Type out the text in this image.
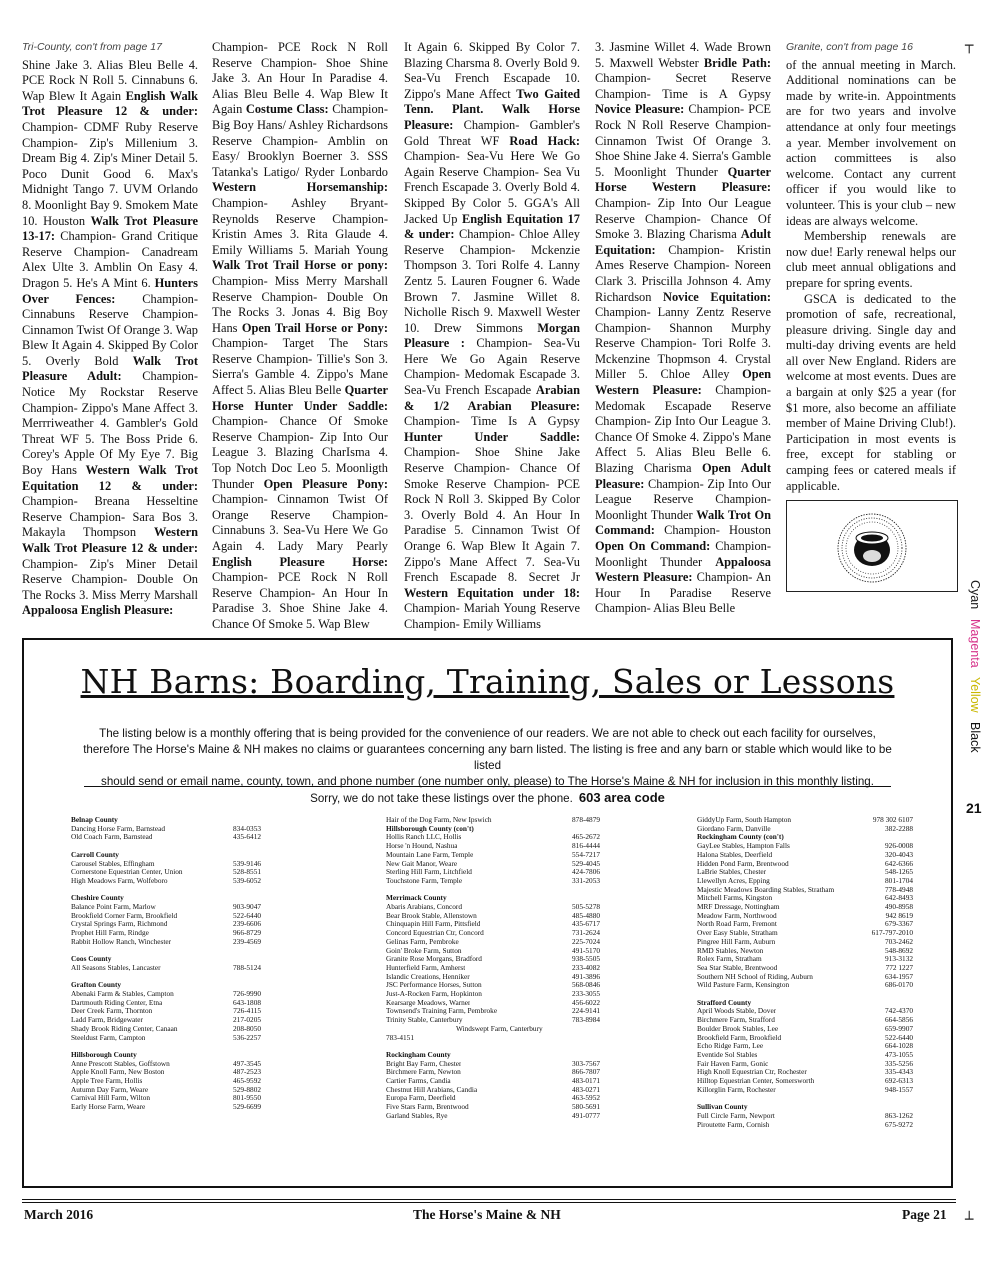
Tri-County, con't from page 17

Shine Jake 3. Alias Bleu Belle 4. PCE Rock N Roll 5. Cinnabuns 6. Wap Blew It Again English Walk Trot Pleasure 12 & under: Champion- CDMF Ruby Reserve Champion- Zip's Millenium 3. Dream Big 4. Zip's Miner Detail 5. Poco Dunit Good 6. Max's Midnight Tango 7. UVM Orlando 8. Moonlight Bay 9. Smokem Mate 10. Houston Walk Trot Pleasure 13-17: Champion- Grand Critique Reserve Champion- Canadream Alex Ulte 3. Amblin On Easy 4. Dragon 5. He's A Mint 6. Hunters Over Fences: Champion- Cinnabuns Reserve Champion- Cinnamon Twist Of Orange 3. Wap Blew It Again 4. Skipped By Color 5. Overly Bold Walk Trot Pleasure Adult: Champion- Notice My Rockstar Reserve Champion- Zippo's Mane Affect 3. Merrriweather 4. Gambler's Gold Threat WF 5. The Boss Pride 6. Corey's Apple Of My Eye 7. Big Boy Hans Western Walk Trot Equitation 12 & under: Champion- Breana Hesseltine Reserve Champion- Sara Bos 3. Makayla Thompson Western Walk Trot Pleasure 12 & under: Champion- Zip's Miner Detail Reserve Champion- Double On The Rocks 3. Miss Merry Marshall Appaloosa English Pleasure:

Champion- PCE Rock N Roll Reserve Champion- Shoe Shine Jake 3. An Hour In Paradise 4. Alias Bleu Belle 4. Wap Blew It Again Costume Class: Champion- Big Boy Hans/ Ashley Richardsons Reserve Champion- Amblin on Easy/ Brooklyn Boerner 3. SSS Tatanka's Latigo/ Ryder Lonbardo Western Horsemanship: Champion- Ashley Bryant-Reynolds Reserve Champion- Kristin Ames 3. Rita Glaude 4. Emily Williams 5. Mariah Young Walk Trot Trail Horse or pony: Champion- Miss Merry Marshall Reserve Champion- Double On The Rocks 3. Jonas 4. Big Boy Hans Open Trail Horse or Pony: Champion- Target The Stars Reserve Champion- Tillie's Son 3. Sierra's Gamble 4. Zippo's Mane Affect 5. Alias Bleu Belle Quarter Horse Hunter Under Saddle: Champion- Chance Of Smoke Reserve Champion- Zip Into Our League 3. Blazing CharIsma 4. Top Notch Doc Leo 5. Moonligth Thunder Open Pleasure Pony: Champion- Cinnamon Twist Of Orange Reserve Champion- Cinnabuns 3. Sea-Vu Here We Go Again 4. Lady Mary Pearly English Pleasure Horse: Champion- PCE Rock N Roll Reserve Champion- An Hour In Paradise 3. Shoe Shine Jake 4. Chance Of Smoke 5. Wap Blew

It Again 6. Skipped By Color 7. Blazing Charsma 8. Overly Bold 9. Sea-Vu French Escapade 10. Zippo's Mane Affect Two Gaited Tenn. Plant. Walk Horse Pleasure: Champion- Gambler's Gold Threat WF Road Hack: Champion- Sea-Vu Here We Go Again Reserve Champion- Sea Vu French Escapade 3. Overly Bold 4. Skipped By Color 5. GGA's All Jacked Up English Equitation 17 & under: Champion- Chloe Alley Reserve Champion- Mckenzie Thompson 3. Tori Rolfe 4. Lanny Zentz 5. Lauren Fougner 6. Wade Brown 7. Jasmine Willet 8. Nicholle Risch 9. Maxwell Wester 10. Drew Simmons Morgan Pleasure : Champion- Sea-Vu Here We Go Again Reserve Champion- Medomak Escapade 3. Sea-Vu French Escapade Arabian & 1/2 Arabian Pleasure: Champion- Time Is A Gypsy Hunter Under Saddle: Champion- Shoe Shine Jake Reserve Champion- Chance Of Smoke Reserve Champion- PCE Rock N Roll 3. Skipped By Color 3. Overly Bold 4. An Hour In Paradise 5. Cinnamon Twist Of Orange 6. Wap Blew It Again 7. Zippo's Mane Affect 7. Sea-Vu French Escapade 8. Secret Jr Western Equitation under 18: Champion- Mariah Young Reserve Champion- Emily Williams

3. Jasmine Willet 4. Wade Brown 5. Maxwell Webster Bridle Path: Champion- Secret Reserve Champion- Time is A Gypsy Novice Pleasure: Champion- PCE Rock N Roll Reserve Champion- Cinnamon Twist Of Orange 3. Shoe Shine Jake 4. Sierra's Gamble 5. Moonlight Thunder Quarter Horse Western Pleasure: Champion- Zip Into Our League Reserve Champion- Chance Of Smoke 3. Blazing Charisma Adult Equitation: Champion- Kristin Ames Reserve Champion- Noreen Clark 3. Priscilla Johnson 4. Amy Richardson Novice Equitation: Champion- Lanny Zentz Reserve Champion- Shannon Murphy Reserve Champion- Tori Rolfe 3. Mckenzine Thopmson 4. Crystal Miller 5. Chloe Alley Open Western Pleasure: Champion- Medomak Escapade Reserve Champion- Zip Into Our League 3. Chance Of Smoke 4. Zippo's Mane Affect 5. Alias Bleu Belle 6. Blazing Charisma Open Adult Pleasure: Champion- Zip Into Our League Reserve Champion- Moonlight Thunder Walk Trot On Command: Champion- Houston Open On Command: Champion- Moonlight Thunder Appaloosa Western Pleasure: Champion- An Hour In Paradise Reserve Champion- Alias Bleu Belle

Granite, con't from page 16

of the annual meeting in March. Additional nominations can be made by write-in. Appointments are for two years and involve attendance at only four meetings a year. Member involvement on action committees is also welcome. Contact any current officer if you would like to volunteer. This is your club – new ideas are always welcome.

Membership renewals are now due! Early renewal helps our club meet annual obligations and prepare for spring events.

GSCA is dedicated to the promotion of safe, recreational, pleasure driving. Single day and multi-day driving events are held all over New England. Riders are welcome at most events. Dues are a bargain at only $25 a year (for $1 more, also become an affiliate member of Maine Driving Club!). Participation in most events is free, except for stabling or camping fees or catered meals if applicable.

┬
┴
Cyan Magenta Yellow Black
21
NH Barns: Boarding, Training, Sales or Lessons
The listing below is a monthly offering that is being provided for the convenience of our readers. We are not able to check out each facility for ourselves,
therefore The Horse's Maine & NH makes no claims or guarantees concerning any barn listed. The listing is free and any barn or stable which would like to be listed
should send or email name, county, town, and phone number (one number only, please) to The Horse's Maine & NH for inclusion in this monthly listing.
Sorry, we do not take these listings over the phone. 603 area code
Belnap County
Dancing Horse Farm, Barnstead	834-0353
Old Coach Farm, Barnstead	435-6412
Carroll County
Carousel Stables, Effingham	539-9146
Cornerstone Equestrian Center, Union	528-8551
High Meadows Farm, Wolfeboro	539-6052
Cheshire County
Balance Point Farm, Marlow	903-9047
Brookfield Corner Farm, Brookfield	522-6440
Crystal Springs Farm, Richmond	239-6606
Prophet Hill Farm, Rindge	966-8729
Rabbit Hollow Ranch, Winchester	239-4569
Coos County
All Seasons Stables, Lancaster	788-5124
Grafton County
Abenaki Farm & Stables, Campton	726-9990
Dartmouth Riding Center, Etna	643-1808
Deer Creek Farm, Thornton	726-4115
Ladd Farm, Bridgewater	217-0205
Shady Brook Riding Center, Canaan	208-8050
Steeldust Farm, Campton	536-2257
Hillsborough County
Anne Prescott Stables, Goffstown	497-3545
Apple Knoll Farm, New Boston	487-2523
Apple Tree Farm, Hollis	465-9592
Autumn Day Farm, Weare	529-8802
Carnival Hill Farm, Wilton	801-9550
Early Horse Farm, Weare	529-6699
Hair of the Dog Farm, New Ipswich	878-4879
Hillsborough County (con't)
Hollis Ranch LLC, Hollis	465-2672
Horse 'n Hound, Nashua	816-4444
Mountain Lane Farm, Temple	554-7217
New Gait Manor, Weare	529-4045
Sterling Hill Farm, Litchfield	424-7806
Touchstone Farm, Temple	331-2053
Merrimack County
Abaris Arabians, Concord	505-5278
Bear Brook Stable, Allenstown	485-4880
Chinquapin Hill Farm, Pittsfield	435-6717
Concord Equestrian Ctr, Concord	731-2624
Gelinas Farm, Pembroke	225-7024
Goin' Broke Farm, Sutton	491-5170
Granite Rose Morgans, Bradford	938-5505
Hunterfield Farm, Amherst	233-4082
Islandic Creations, Henniker	491-3896
JSC Performance Horses, Sutton	568-0846
Just-A-Rocken Farm, Hopkinton	233-3055
Kearsarge Meadows, Warner	456-6022
Townsend's Training Farm, Pembroke	224-9141
Trinity Stable, Canterbury	783-8984
Windswept Farm, Canterbury
783-4151
Rockingham County
Bright Bay Farm, Chester	303-7567
Birchmere Farm, Newton	866-7807
Cartier Farms, Candia	483-0171
Chestnut Hill Arabians, Candia	483-0271
Europa Farm, Deerfield	463-5952
Five Stars Farm, Brentwood	580-5691
Garland Stables, Rye	491-0777
GiddyUp Farm, South Hampton	978 302 6107
Giordano Farm, Danville	382-2288
Rockingham County (con't)
GayLee Stables, Hampton Falls	926-0008
Halona Stables, Deerfield	320-4043
Hidden Pond Farm, Brentwood	642-6366
LaBrie Stables, Chester	548-1265
Llewellyn Acres, Epping	801-1704
Majestic Meadows Boarding Stables, Stratham	778-4948
Mitchell Farms, Kingston	642-8493
MRF Dressage, Nottingham	490-8958
Meadow Farm, Northwood	942 8619
North Road Farm, Fremont	679-3367
Over Easy Stable, Stratham	617-797-2010
Pingree Hill Farm, Auburn	703-2462
RMD Stables, Newton	548-8692
Rolex Farm, Stratham	913-3132
Sea Star Stable, Brentwood	772 1227
Southern NH School of Riding, Auburn	634-1957
Wild Pasture Farm, Kensington	686-0170
Strafford County
April Woods Stable, Dover	742-4370
Birchmere Farm, Strafford	664-5856
Boulder Brook Stables, Lee	659-9907
Brookfield Farm, Brookfield	522-6440
Echo Ridge Farm, Lee	664-1028
Eventide Sol Stables	473-1055
Fair Haven Farm, Gonic	335-5256
High Knoll Equestrian Ctr, Rochester	335-4343
Hilltop Equestrian Center, Somersworth	692-6313
Killorglin Farm, Rochester	948-1557
Sullivan County
Full Circle Farm, Newport	863-1262
Piroutette Farm, Cornish	675-9272
March 2016	The Horse's Maine & NH	Page 21
